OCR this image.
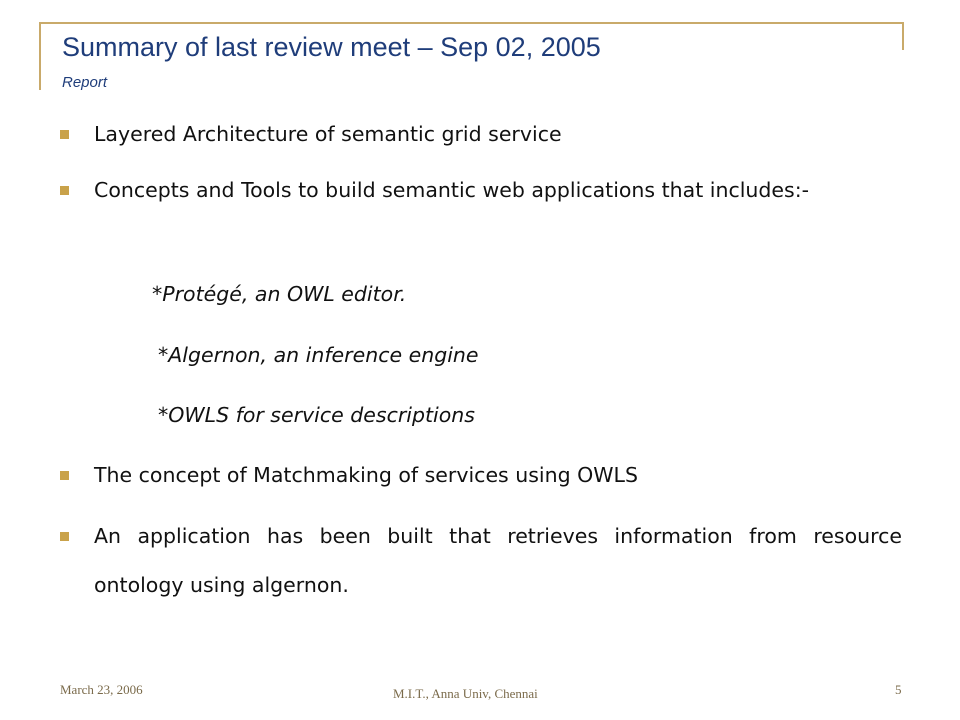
Summary of last review meet – Sep 02, 2005
Report
Layered Architecture of semantic grid service
Concepts and Tools to build semantic web applications that includes:-
*Protégé, an OWL editor.
*Algernon, an inference engine
*OWLS for service descriptions
The concept of Matchmaking of services using OWLS
An application has been built that retrieves information from resource ontology using algernon.
March 23, 2006	M.I.T., Anna Univ, Chennai	5
